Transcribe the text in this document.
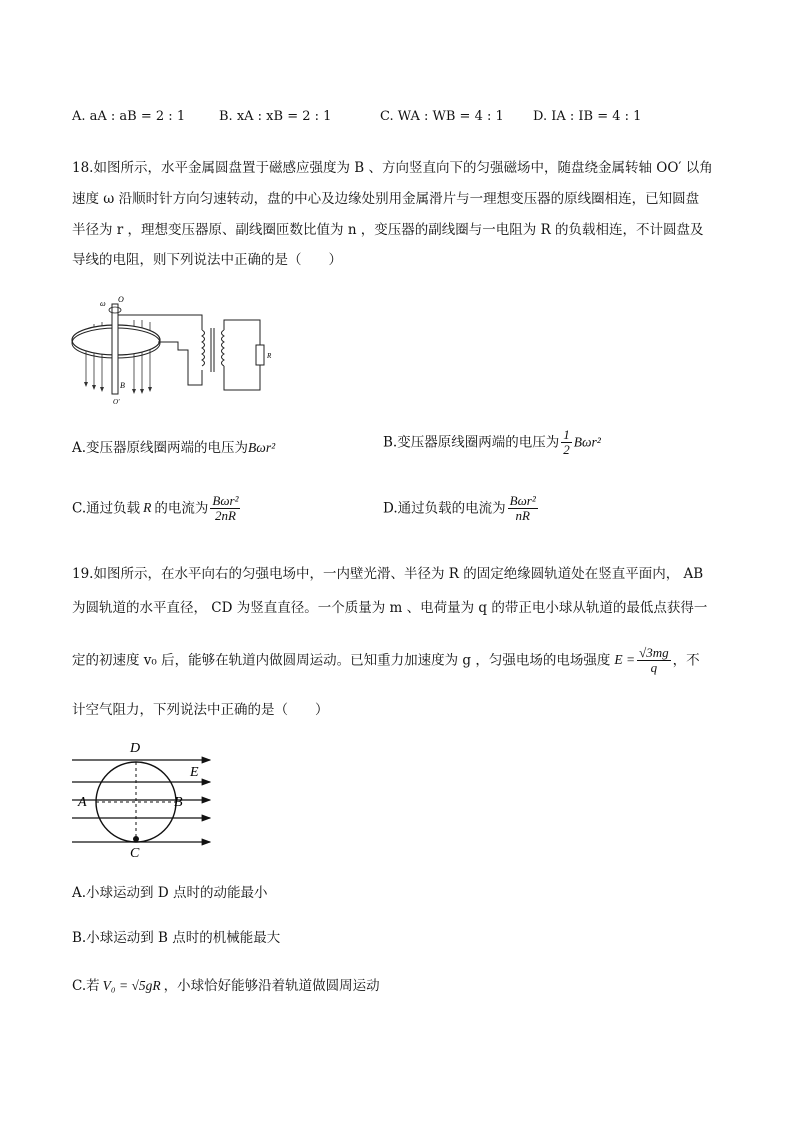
A. aA : aB = 2 : 1	B. xA : xB = 2 : 1	C. WA : WB = 4 : 1 D. IA : IB = 4 : 1
18.如图所示，水平金属圆盘置于磁感应强度为 B 、方向竖直向下的匀强磁场中，随盘绕金属转轴 OO′ 以角
速度 ω 沿顺时针方向匀速转动，盘的中心及边缘处别用金属滑片与一理想变压器的原线圈相连，已知圆盘
半径为 r ，理想变压器原、副线圈匝数比值为 n ，变压器的副线圈与一电阻为 R 的负载相连，不计圆盘及
导线的电阻，则下列说法中正确的是（　　）
ω O
B
O′
R
A.变压器原线圈两端的电压为Bωr²	B.变压器原线圈两端的电压为 $\frac{1}{2} B\omega r^2$
C.通过负载 R 的电流为 $\frac{\text{Bωr²}}{2nR}$	D.通过负载的电流为 $\frac{\text{Bωr²}}{nR}$
19.如图所示，在水平向右的匀强电场中，一内壁光滑、半径为 R 的固定绝缘圆轨道处在竖直平面内， AB
为圆轨道的水平直径， CD 为竖直直径。一个质量为 m 、电荷量为 q 的带正电小球从轨道的最低点获得一
定的初速度 v₀ 后，能够在轨道内做圆周运动。已知重力加速度为 g ，匀强电场的电场强度 $E = \frac{√3mg}{q}$ ，不
计空气阻力，下列说法中正确的是（　　）
D
E
A	B
C
A.小球运动到 D 点时的动能最小
B.小球运动到 B 点时的机械能最大
C.若 V₀ = √5gR ，小球恰好能够沿着轨道做圆周运动
